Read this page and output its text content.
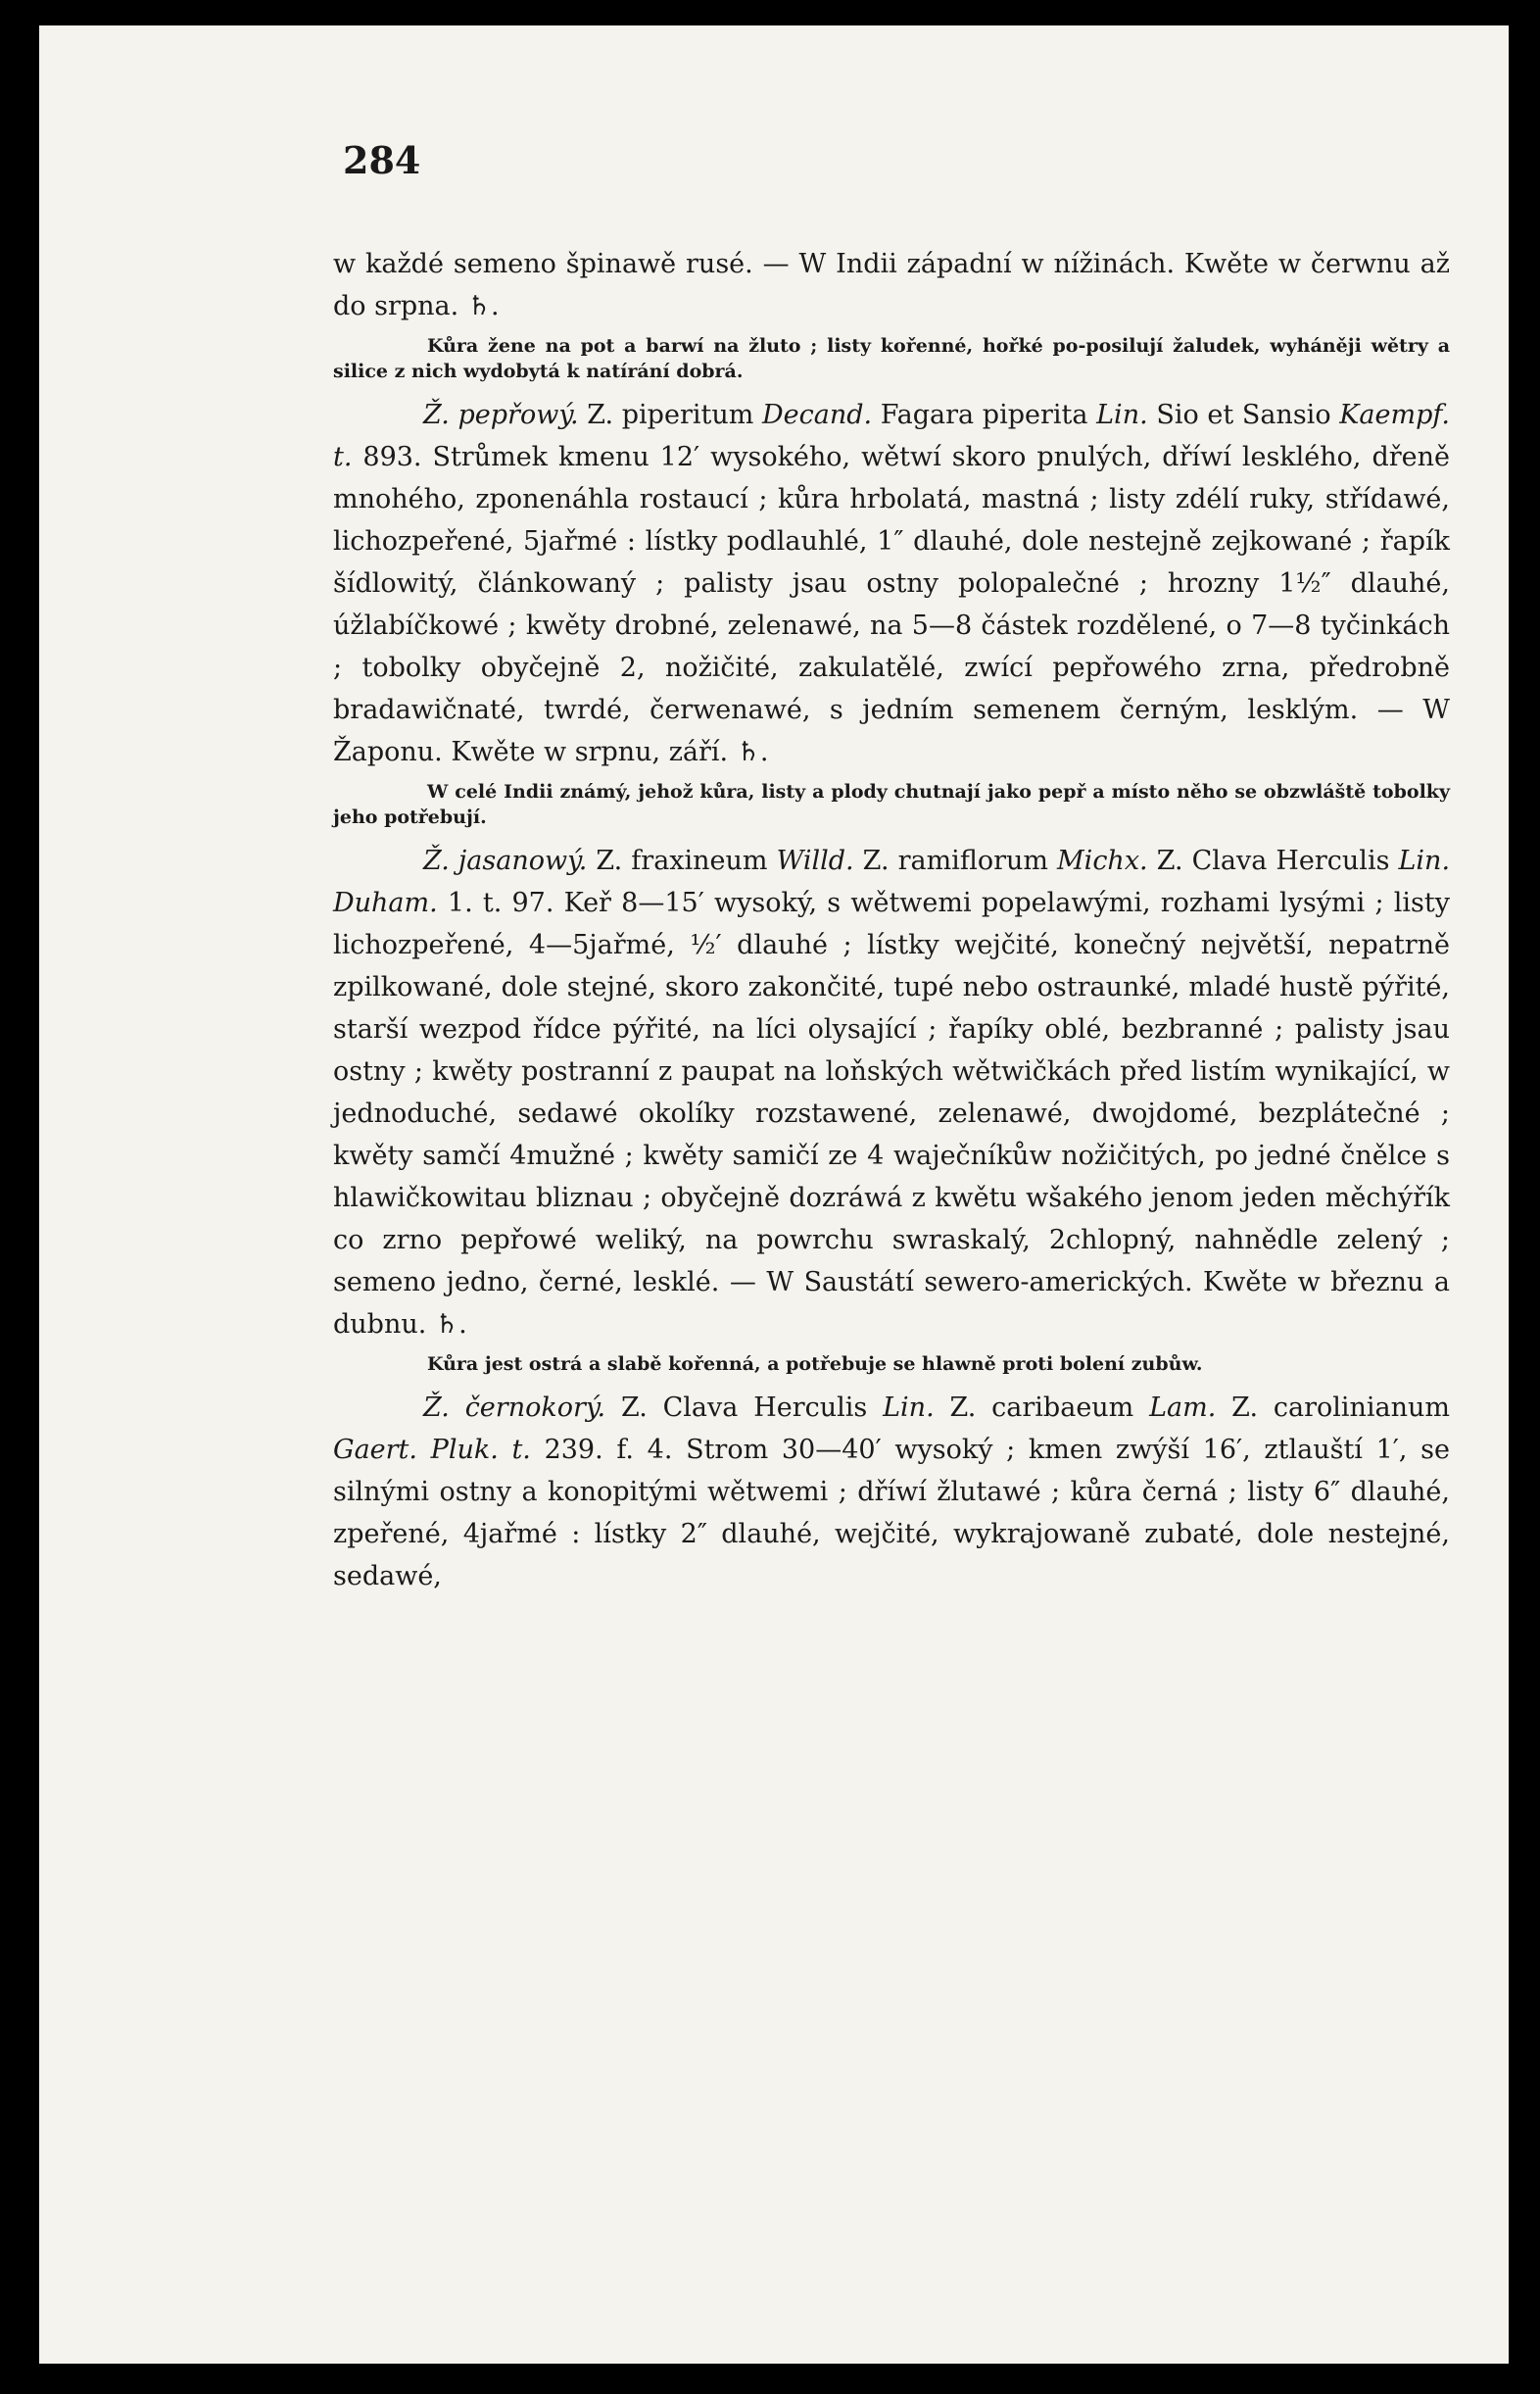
284

w každé semeno špinawě rusé. — W Indii západní w nížinách. Kwěte w čerwnu až do srpna. ♄.

Kůra žene na pot a barwí na žluto ; listy kořenné, hořké po-posilují žaludek, wyháněji wětry a silice z nich wydobytá k natírání dobrá.

Ž. pepřowý. Z. piperitum Decand. Fagara piperita Lin. Sio et Sansio Kaempf. t. 893. Strůmek kmenu 12′ wysokého, wětwí skoro pnulých, dříwí lesklého, dřeně mnohého, zponenáhla rostaucí ; kůra hrbolatá, mastná ; listy zdélí ruky, střídawé, lichozpeřené, 5jařmé : lístky podlauhlé, 1″ dlauhé, dole nestejně zejkowané ; řapík šídlowitý, článkowaný ; palisty jsau ostny polopalečné ; hrozny 1½″ dlauhé, úžlabíčkowé ; kwěty drobné, zelenawé, na 5—8 částek rozdělené, o 7—8 tyčinkách ; tobolky obyčejně 2, nožičité, zakulatělé, zwící pepřowého zrna, předrobně bradawičnaté, twrdé, čerwenawé, s jedním semenem černým, lesklým. — W Žaponu. Kwěte w srpnu, září. ♄.

W celé Indii známý, jehož kůra, listy a plody chutnají jako pepř a místo něho se obzwláště tobolky jeho potřebují.

Ž. jasanowý. Z. fraxineum Willd. Z. ramiflorum Michx. Z. Clava Herculis Lin. Duham. 1. t. 97. Keř 8—15′ wysoký, s wětwemi popelawými, rozhami lysými ; listy lichozpeřené, 4—5jařmé, ½′ dlauhé ; lístky wejčité, konečný největší, nepatrně zpilkowané, dole stejné, skoro zakončité, tupé nebo ostraunké, mladé hustě pýřité, starší wezpod řídce pýřité, na líci olysající ; řapíky oblé, bezbranné ; palisty jsau ostny ; kwěty postranní z paupat na loňských wětwičkách před listím wynikající, w jednoduché, sedawé okolíky rozstawené, zelenawé, dwojdomé, bezplátečné ; kwěty samčí 4mužné ; kwěty samičí ze 4 waječníkůw nožičitých, po jedné čnělce s hlawičkowitau bliznau ; obyčejně dozráwá z kwětu wšakého jenom jeden měchýřík co zrno pepřowé weliký, na powrchu swraskalý, 2chlopný, nahnědle zelený ; semeno jedno, černé, lesklé. — W Saustátí sewero-amerických. Kwěte w březnu a dubnu. ♄.

Kůra jest ostrá a slabě kořenná, a potřebuje se hlawně proti bolení zubůw.

Ž. černokorý. Z. Clava Herculis Lin. Z. caribaeum Lam. Z. carolinianum Gaert. Pluk. t. 239. f. 4. Strom 30—40′ wysoký ; kmen zwýší 16′, ztlauští 1′, se silnými ostny a konopitými wětwemi ; dříwí žlutawé ; kůra černá ; listy 6″ dlauhé, zpeřené, 4jařmé : lístky 2″ dlauhé, wejčité, wykrajowaně zubaté, dole nestejné, sedawé,
